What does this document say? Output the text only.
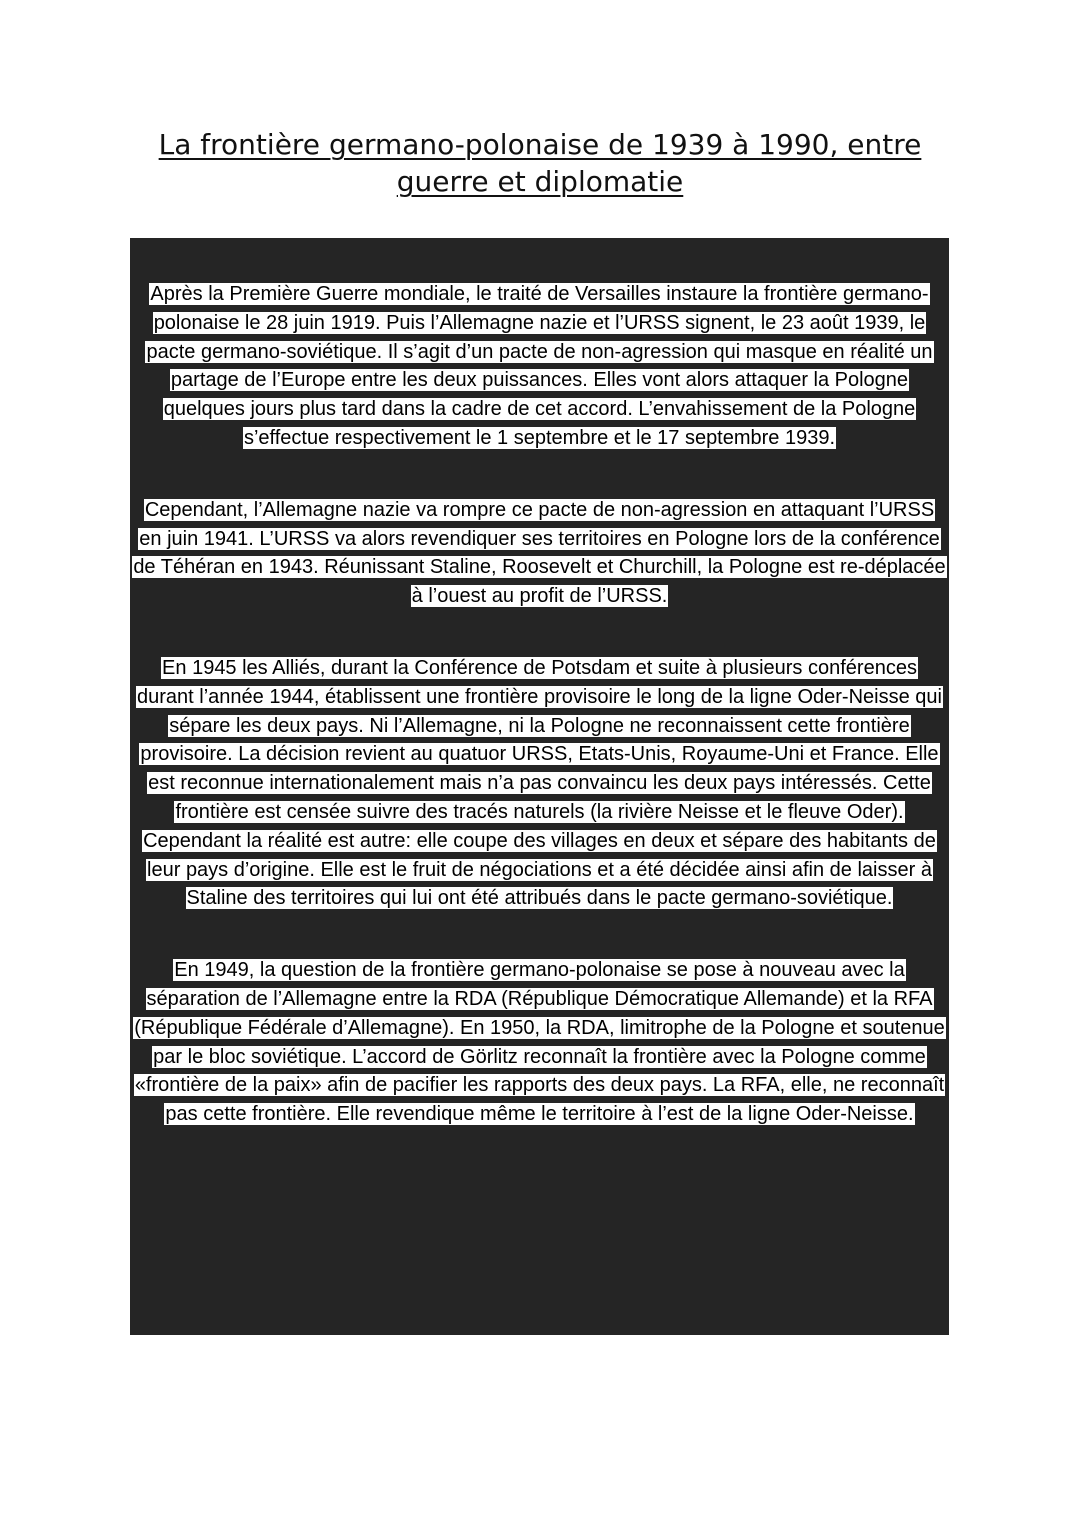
La frontière germano-polonaise de 1939 à 1990, entre guerre et diplomatie

Après la Première Guerre mondiale, le traité de Versailles instaure la frontière germano-polonaise le 28 juin 1919. Puis l’Allemagne nazie et l’URSS signent, le 23 août 1939, le pacte germano-soviétique. Il s’agit d’un pacte de non-agression qui masque en réalité un partage de l’Europe entre les deux puissances. Elles vont alors attaquer la Pologne quelques jours plus tard dans la cadre de cet accord. L’envahissement de la Pologne s’effectue respectivement le 1 septembre et le 17 septembre 1939.

Cependant, l’Allemagne nazie va rompre ce pacte de non-agression en attaquant l’URSS en juin 1941. L’URSS va alors revendiquer ses territoires en Pologne lors de la conférence de Téhéran en 1943. Réunissant Staline, Roosevelt et Churchill, la Pologne est re-déplacée à l’ouest au profit de l’URSS.

En 1945 les Alliés, durant la Conférence de Potsdam et suite à plusieurs conférences durant l’année 1944, établissent une frontière provisoire le long de la ligne Oder-Neisse qui sépare les deux pays. Ni l’Allemagne, ni la Pologne ne reconnaissent cette frontière provisoire. La décision revient au quatuor URSS, Etats-Unis, Royaume-Uni et France. Elle est reconnue internationalement mais n’a pas convaincu les deux pays intéressés. Cette frontière est censée suivre des tracés naturels (la rivière Neisse et le fleuve Oder). Cependant la réalité est autre: elle coupe des villages en deux et sépare des habitants de leur pays d’origine. Elle est le fruit de négociations et a été décidée ainsi afin de laisser à Staline des territoires qui lui ont été attribués dans le pacte germano-soviétique.

En 1949, la question de la frontière germano-polonaise se pose à nouveau avec la séparation de l’Allemagne entre la RDA (République Démocratique Allemande) et la RFA (République Fédérale d’Allemagne). En 1950, la RDA, limitrophe de la Pologne et soutenue par le bloc soviétique. L’accord de Görlitz reconnaît la frontière avec la Pologne comme «frontière de la paix» afin de pacifier les rapports des deux pays. La RFA, elle, ne reconnaît pas cette frontière. Elle revendique même le territoire à l’est de la ligne Oder-Neisse.
